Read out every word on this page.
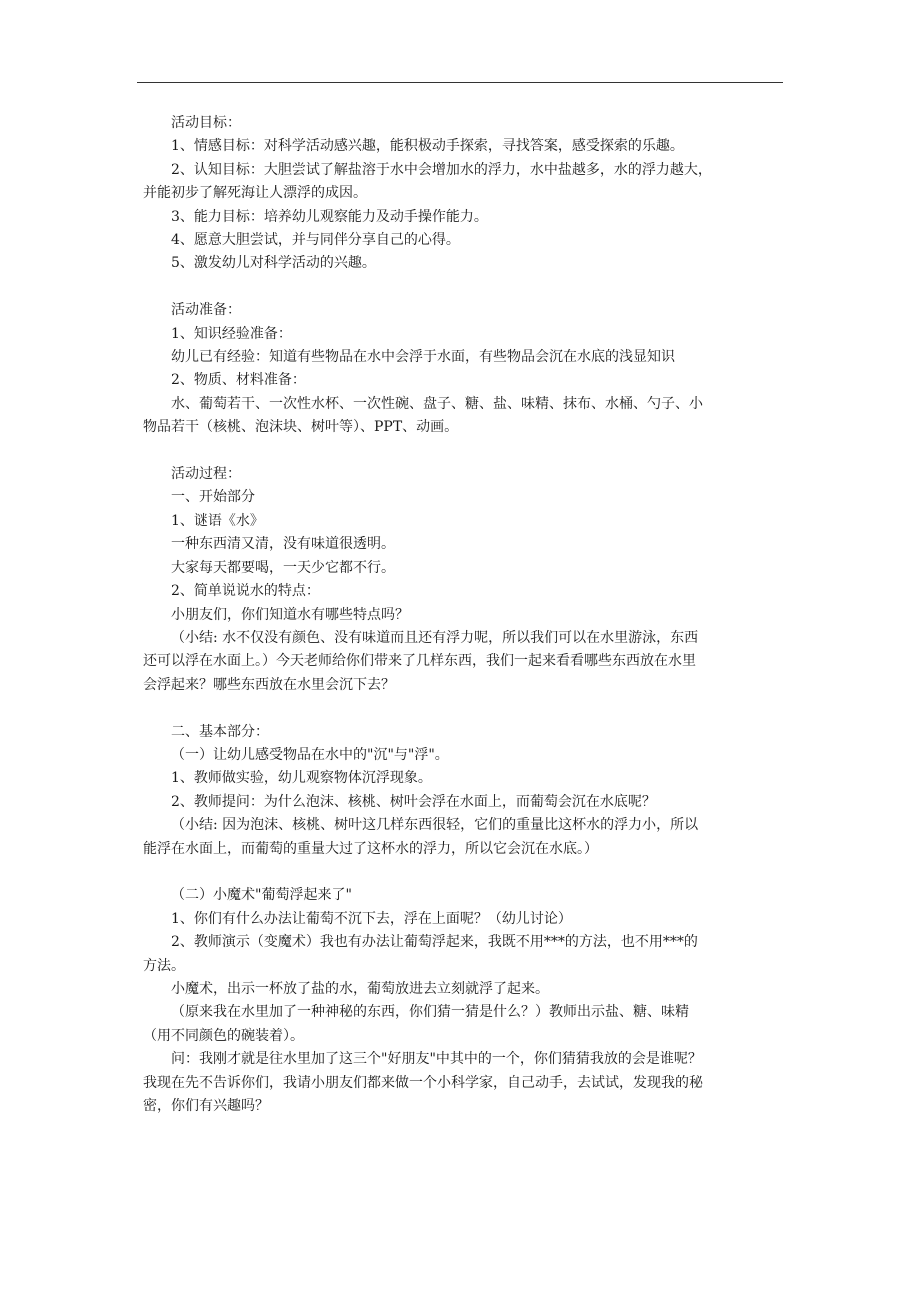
活动目标：
1、情感目标：对科学活动感兴趣，能积极动手探索，寻找答案，感受探索的乐趣。
2、认知目标：大胆尝试了解盐溶于水中会增加水的浮力，水中盐越多，水的浮力越大，
并能初步了解死海让人漂浮的成因。
3、能力目标：培养幼儿观察能力及动手操作能力。
4、愿意大胆尝试，并与同伴分享自己的心得。
5、激发幼儿对科学活动的兴趣。
活动准备：
1、知识经验准备：
幼儿已有经验：知道有些物品在水中会浮于水面，有些物品会沉在水底的浅显知识
2、物质、材料准备：
水、葡萄若干、一次性水杯、一次性碗、盘子、糖、盐、味精、抹布、水桶、勺子、小
物品若干（核桃、泡沫块、树叶等）、PPT、动画。
活动过程：
一、开始部分
1、谜语《水》
一种东西清又清，没有味道很透明。
大家每天都要喝，一天少它都不行。
2、简单说说水的特点：
小朋友们，你们知道水有哪些特点吗？
（小结: 水不仅没有颜色、没有味道而且还有浮力呢，所以我们可以在水里游泳，东西
还可以浮在水面上。）今天老师给你们带来了几样东西，我们一起来看看哪些东西放在水里
会浮起来？哪些东西放在水里会沉下去？
二、基本部分：
（一）让幼儿感受物品在水中的"沉"与"浮"。
1、教师做实验，幼儿观察物体沉浮现象。
2、教师提问：为什么泡沫、核桃、树叶会浮在水面上，而葡萄会沉在水底呢？
（小结: 因为泡沫、核桃、树叶这几样东西很轻，它们的重量比这杯水的浮力小，所以
能浮在水面上，而葡萄的重量大过了这杯水的浮力，所以它会沉在水底。）
（二）小魔术"葡萄浮起来了"
1、你们有什么办法让葡萄不沉下去，浮在上面呢？（幼儿讨论）
2、教师演示（变魔术）我也有办法让葡萄浮起来，我既不用***的方法，也不用***的
方法。
小魔术，出示一杯放了盐的水，葡萄放进去立刻就浮了起来。
（原来我在水里加了一种神秘的东西，你们猜一猜是什么？）教师出示盐、糖、味精
（用不同颜色的碗装着）。
问：我刚才就是往水里加了这三个"好朋友"中其中的一个，你们猜猜我放的会是谁呢？
我现在先不告诉你们，我请小朋友们都来做一个小科学家，自己动手，去试试，发现我的秘
密，你们有兴趣吗？
